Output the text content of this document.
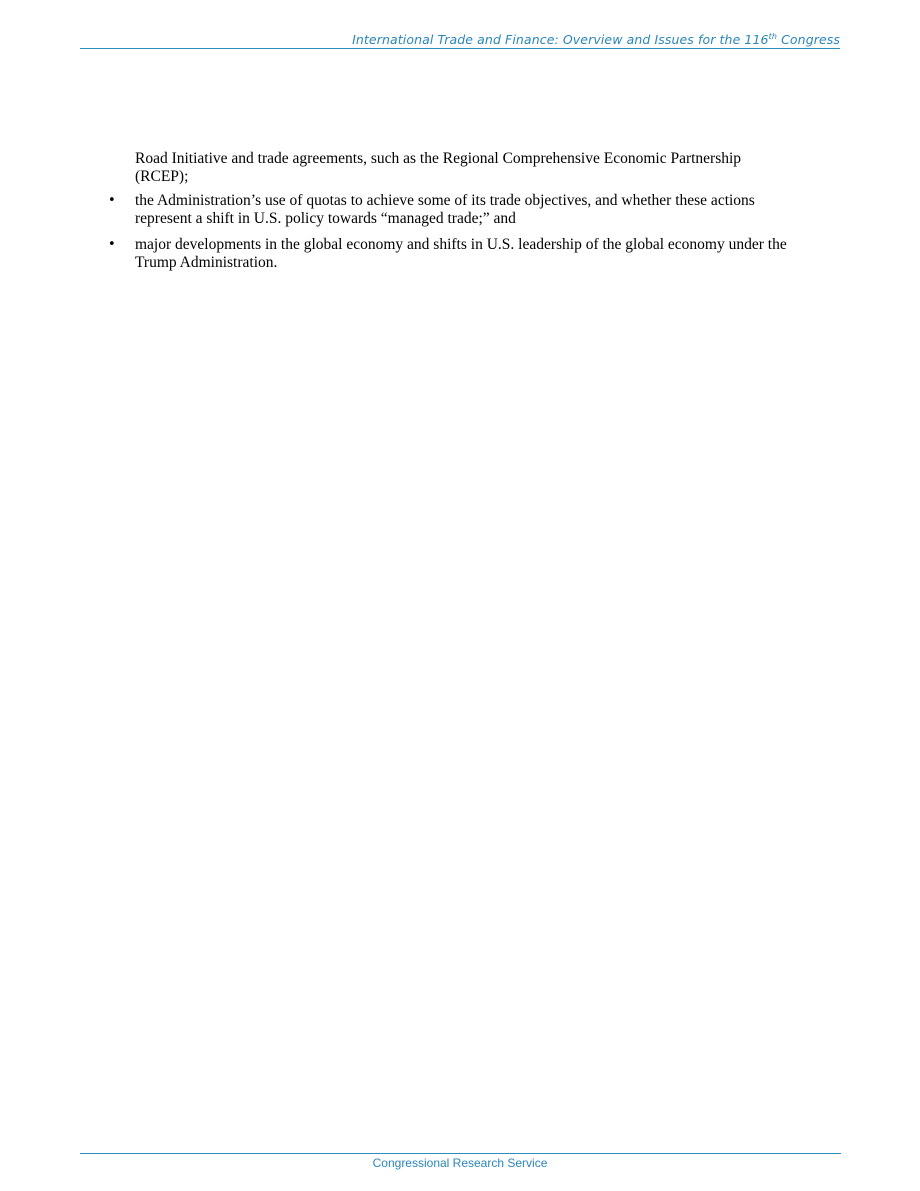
International Trade and Finance: Overview and Issues for the 116th Congress
Road Initiative and trade agreements, such as the Regional Comprehensive Economic Partnership (RCEP);
• the Administration’s use of quotas to achieve some of its trade objectives, and whether these actions represent a shift in U.S. policy towards “managed trade;” and
• major developments in the global economy and shifts in U.S. leadership of the global economy under the Trump Administration.
Congressional Research Service
